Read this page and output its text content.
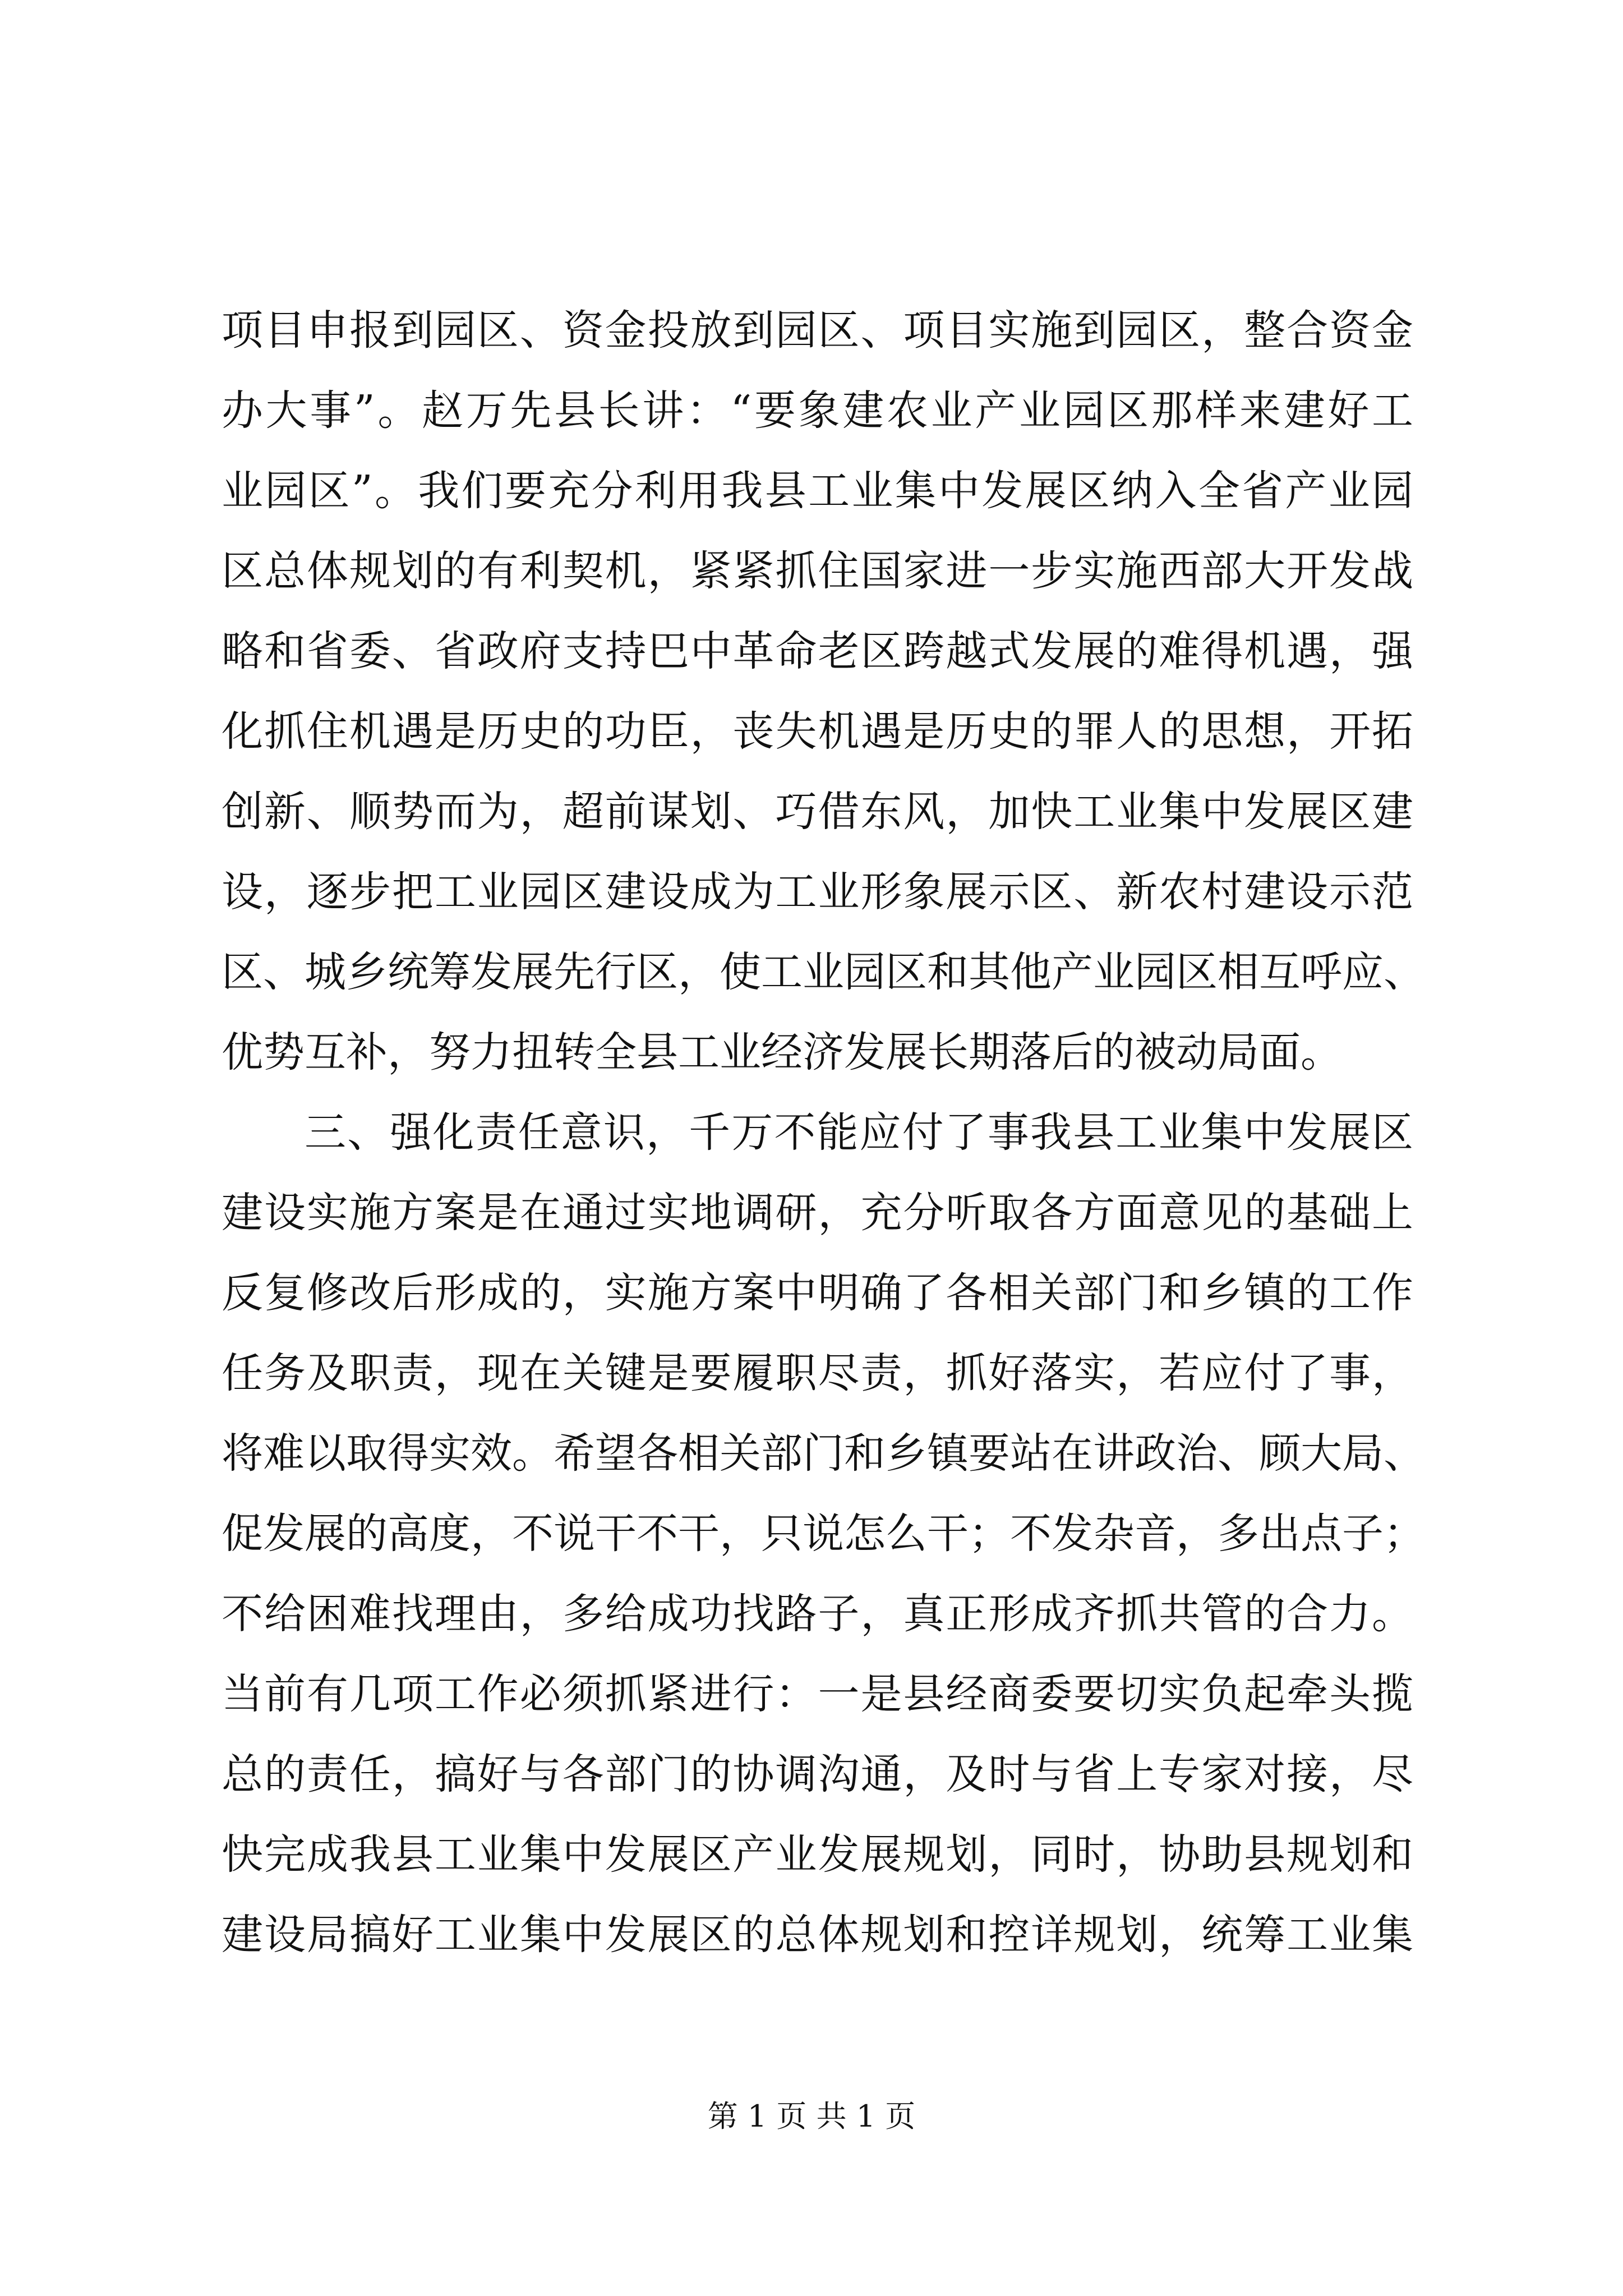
项目申报到园区、资金投放到园区、项目实施到园区，整合资金
办大事”。赵万先县长讲：“要象建农业产业园区那样来建好工
业园区”。我们要充分利用我县工业集中发展区纳入全省产业园
区总体规划的有利契机，紧紧抓住国家进一步实施西部大开发战
略和省委、省政府支持巴中革命老区跨越式发展的难得机遇，强
化抓住机遇是历史的功臣，丧失机遇是历史的罪人的思想，开拓
创新、顺势而为，超前谋划、巧借东风，加快工业集中发展区建
设，逐步把工业园区建设成为工业形象展示区、新农村建设示范
区、城乡统筹发展先行区，使工业园区和其他产业园区相互呼应、
优势互补，努力扭转全县工业经济发展长期落后的被动局面。
三、强化责任意识，千万不能应付了事我县工业集中发展区
建设实施方案是在通过实地调研，充分听取各方面意见的基础上
反复修改后形成的，实施方案中明确了各相关部门和乡镇的工作
任务及职责，现在关键是要履职尽责，抓好落实，若应付了事，
将难以取得实效。希望各相关部门和乡镇要站在讲政治、顾大局、
促发展的高度，不说干不干，只说怎么干；不发杂音，多出点子；
不给困难找理由，多给成功找路子，真正形成齐抓共管的合力。
当前有几项工作必须抓紧进行：一是县经商委要切实负起牵头揽
总的责任，搞好与各部门的协调沟通，及时与省上专家对接，尽
快完成我县工业集中发展区产业发展规划，同时，协助县规划和
建设局搞好工业集中发展区的总体规划和控详规划，统筹工业集
第 1 页 共 1 页
